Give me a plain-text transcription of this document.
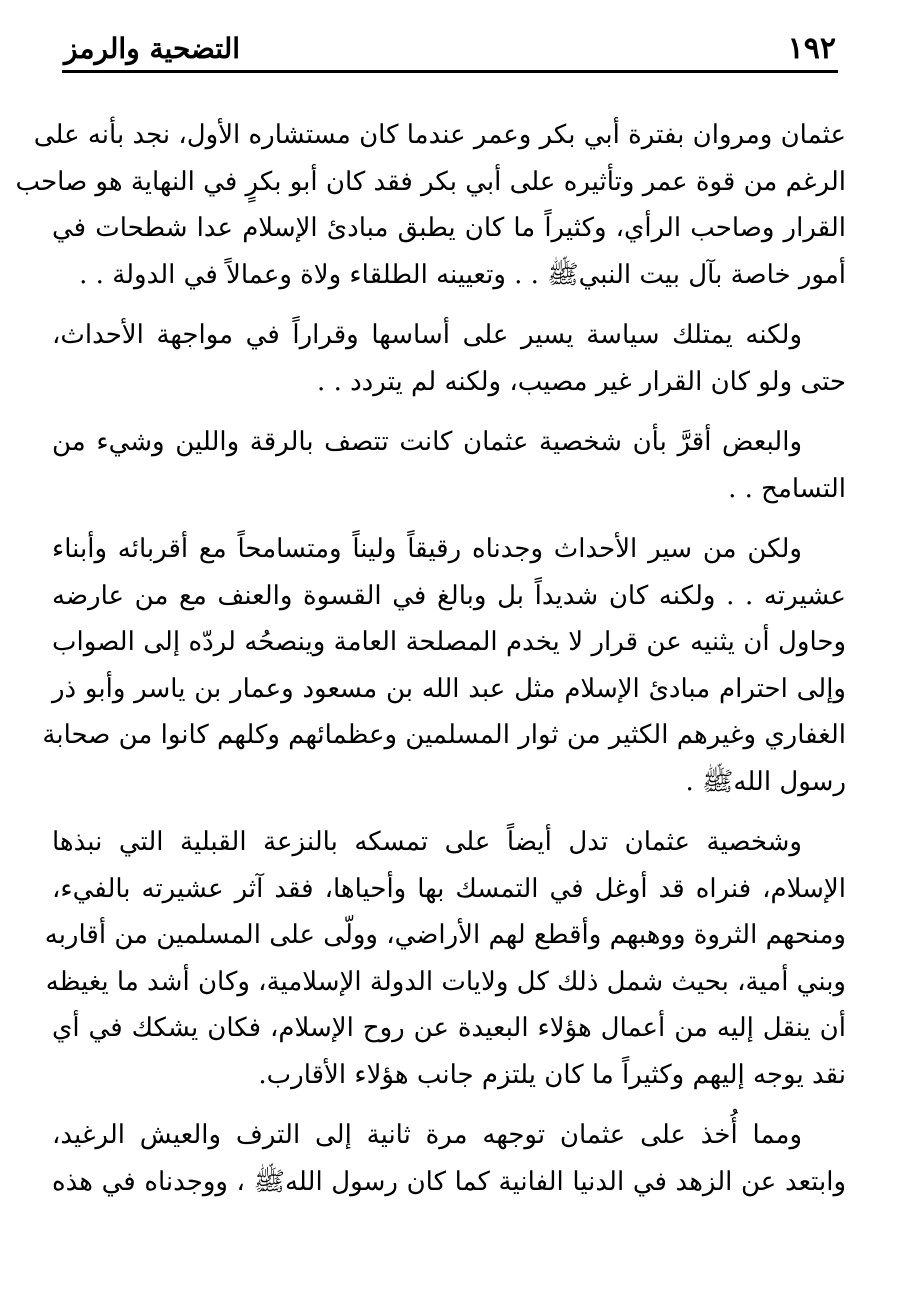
١٩٢
التضحية والرمز
عثمان ومروان بفترة أبي بكر وعمر عندما كان مستشاره الأول، نجد بأنه على
الرغم من قوة عمر وتأثيره على أبي بكر فقد كان أبو بكرٍ في النهاية هو صاحب
القرار وصاحب الرأي، وكثيراً ما كان يطبق مبادئ الإسلام عدا شطحات في
أمور خاصة بآل بيت النبيﷺ . . وتعيينه الطلقاء ولاة وعمالاً في الدولة . .
ولكنه يمتلك سياسة يسير على أساسها وقراراً في مواجهة الأحداث،
حتى ولو كان القرار غير مصيب، ولكنه لم يتردد . .
والبعض أقرَّ بأن شخصية عثمان كانت تتصف بالرقة واللين وشيء من
التسامح . .
ولكن من سير الأحداث وجدناه رقيقاً وليناً ومتسامحاً مع أقربائه وأبناء
عشيرته . . ولكنه كان شديداً بل وبالغ في القسوة والعنف مع من عارضه
وحاول أن يثنيه عن قرار لا يخدم المصلحة العامة وينصحُه لردّه إلى الصواب
وإلى احترام مبادئ الإسلام مثل عبد الله بن مسعود وعمار بن ياسر وأبو ذر
الغفاري وغيرهم الكثير من ثوار المسلمين وعظمائهم وكلهم كانوا من صحابة
رسول اللهﷺ .
وشخصية عثمان تدل أيضاً على تمسكه بالنزعة القبلية التي نبذها
الإسلام، فنراه قد أوغل في التمسك بها وأحياها، فقد آثر عشيرته بالفيء،
ومنحهم الثروة ووهبهم وأقطع لهم الأراضي، وولّى على المسلمين من أقاربه
وبني أمية، بحيث شمل ذلك كل ولايات الدولة الإسلامية، وكان أشد ما يغيظه
أن ينقل إليه من أعمال هؤلاء البعيدة عن روح الإسلام، فكان يشكك في أي
نقد يوجه إليهم وكثيراً ما كان يلتزم جانب هؤلاء الأقارب.
ومما أُخذ على عثمان توجهه مرة ثانية إلى الترف والعيش الرغيد،
وابتعد عن الزهد في الدنيا الفانية كما كان رسول اللهﷺ ، ووجدناه في هذه
